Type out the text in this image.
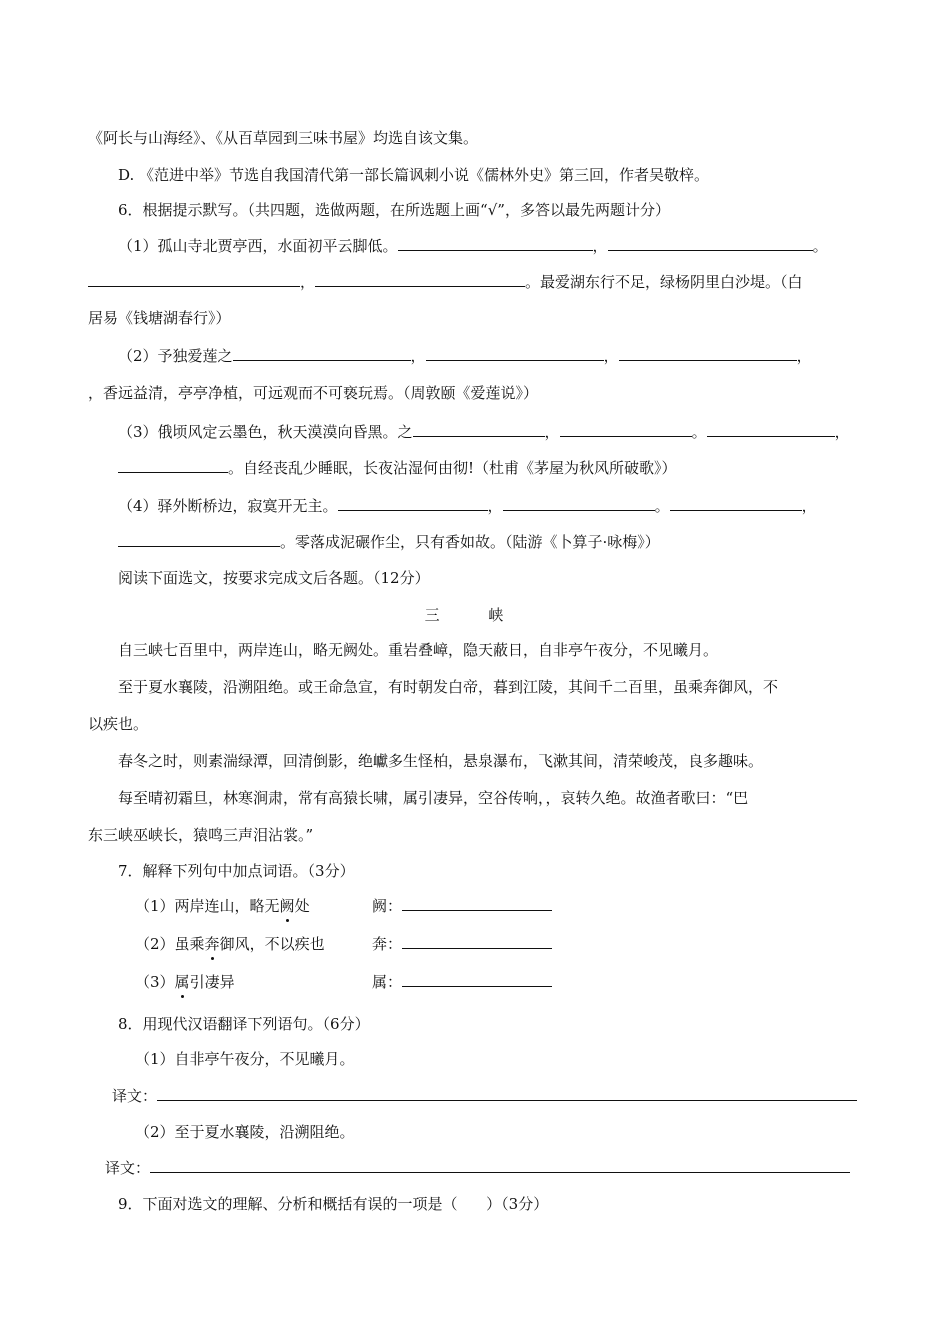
《阿长与山海经》、《从百草园到三味书屋》均选自该文集。
D. 《范进中举》节选自我国清代第一部长篇讽刺小说《儒林外史》第三回，作者吴敬梓。
6．根据提示默写。（共四题，选做两题，在所选题上画“√”，多答以最先两题计分）
（1）孤山寺北贾亭西，水面初平云脚低。	，	。
，	。最爱湖东行不足，绿杨阴里白沙堤。（白
居易《钱塘湖春行》）
（2）予独爱莲之	，	，	，
，香远益清，亭亭净植，可远观而不可亵玩焉。（周敦颐《爱莲说》）
（3）俄顷风定云墨色，秋天漠漠向昏黑。之	，	。	，
。自经丧乱少睡眠，长夜沾湿何由彻!（杜甫《茅屋为秋风所破歌》）
（4）驿外断桥边，寂寞开无主。	，	。	，
。零落成泥碾作尘，只有香如故。（陆游《卜算子·咏梅》）
阅读下面选文，按要求完成文后各题。（12分）
三 峡
自三峡七百里中，两岸连山，略无阙处。重岩叠嶂，隐天蔽日，自非亭午夜分，不见曦月。
至于夏水襄陵，沿溯阻绝。或王命急宣，有时朝发白帝，暮到江陵，其间千二百里，虽乘奔御风，不
以疾也。
春冬之时，则素湍绿潭，回清倒影，绝巘多生怪柏，悬泉瀑布，飞漱其间，清荣峻茂，良多趣味。
每至晴初霜旦，林寒涧肃，常有高猿长啸，属引凄异，空谷传响，，哀转久绝。故渔者歌曰：“巴
东三峡巫峡长，猿鸣三声泪沾裳。”
7．解释下列句中加点词语。（3分）
（1）两岸连山，略无阙处	阙：
（2）虽乘奔御风，不以疾也	奔：
（3）属引凄异	属：
8．用现代汉语翻译下列语句。（6分）
（1）自非亭午夜分，不见曦月。
译文：
（2）至于夏水襄陵，沿溯阻绝。
译文：
9．下面对选文的理解、分析和概括有误的一项是（      ）（3分）
